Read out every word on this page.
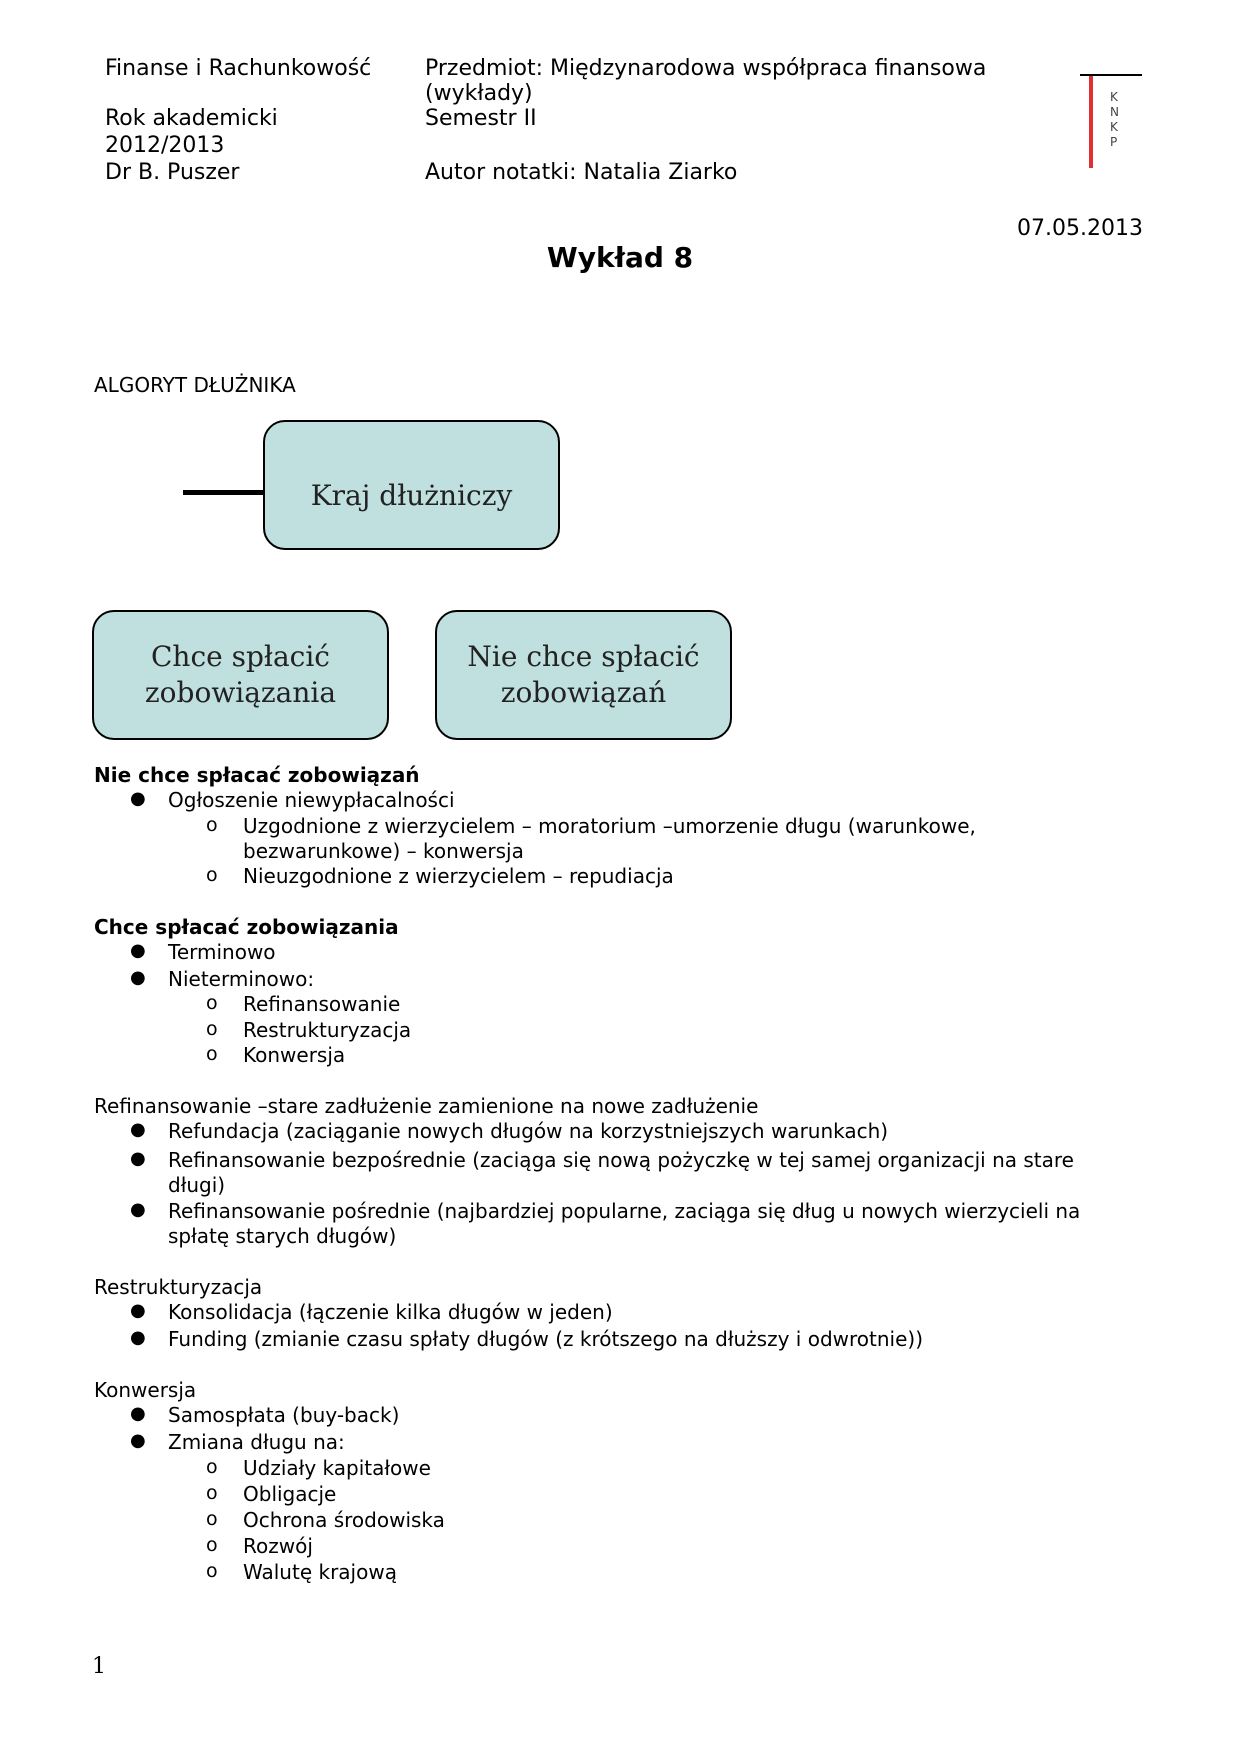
Finanse i Rachunkowość Przedmiot: Międzynarodowa współpraca finansowa
(wykłady)
Rok akademicki
2012/2013
Semestr II
Dr B. Puszer	Autor notatki: Natalia Ziarko
K
N
K
P
07.05.2013
Wykład 8
ALGORYT DŁUŻNIKA
Kraj dłużniczy
Chce spłacić
zobowiązania
Nie chce spłacić
zobowiązań
Nie chce spłacać zobowiązań
● Ogłoszenie niewypłacalności
o Uzgodnione z wierzycielem – moratorium –umorzenie długu (warunkowe,
bezwarunkowe) – konwersja
o Nieuzgodnione z wierzycielem – repudiacja
Chce spłacać zobowiązania
● Terminowo
● Nieterminowo:
o Refinansowanie
o Restrukturyzacja
o Konwersja
Refinansowanie –stare zadłużenie zamienione na nowe zadłużenie
● Refundacja (zaciąganie nowych długów na korzystniejszych warunkach)
● Refinansowanie bezpośrednie (zaciąga się nową pożyczkę w tej samej organizacji na stare
długi)
● Refinansowanie pośrednie (najbardziej popularne, zaciąga się dług u nowych wierzycieli na
spłatę starych długów)
Restrukturyzacja
● Konsolidacja (łączenie kilka długów w jeden)
● Funding (zmianie czasu spłaty długów (z krótszego na dłuższy i odwrotnie))
Konwersja
● Samospłata (buy-back)
● Zmiana długu na:
o Udziały kapitałowe
o Obligacje
o Ochrona środowiska
o Rozwój
o Walutę krajową
1
